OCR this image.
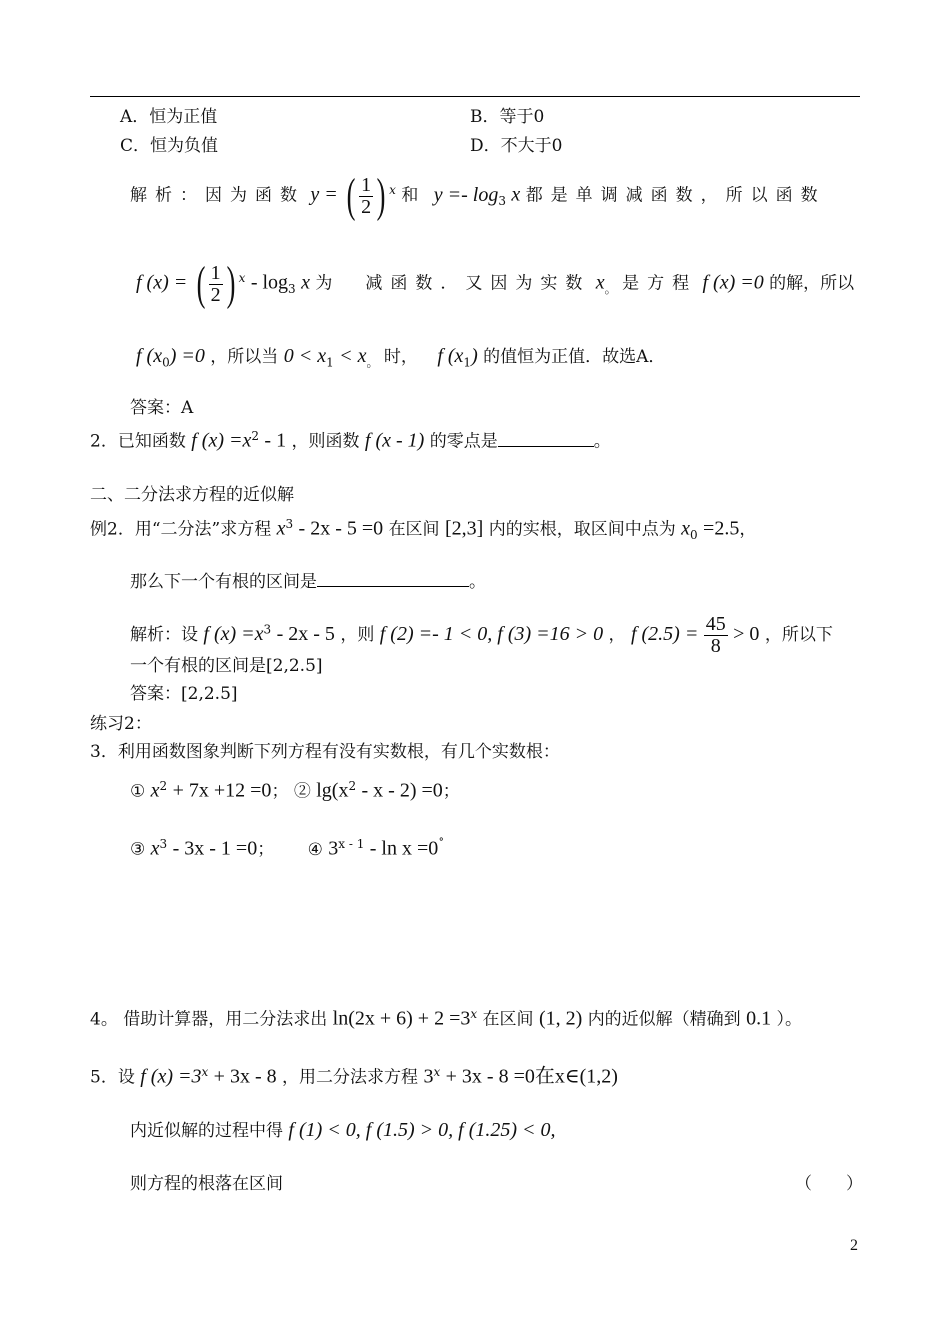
A．恒为正值	B．等于0
C．恒为负值	D．不大于0
解析：因为函数 y = ( $\frac{1}{2}$ ) $^x$ 和 $y =- \log_3 x$ 都是单调减函数，所以函数
f (x) = ( $\frac{1}{2}$ ) $^x - \log_3 x$ 为　减函数．又因为实数 $x_。$ 是方程 f (x) =0 的解，所以
f $(x_0) =0$ ，所以当 $0 < x_1 < x_。$ 时， f $(x_1)$ 的值恒为正值．故选A．
答案：A
2．已知函数 f $(x) =x^2 - 1$ ，则函数 f (x - 1) 的零点是	。
二、二分法求方程的近似解
例2．用“二分法”求方程 $x^3 - 2x - 5 =0$ 在区间 [2,3] 内的实根，取区间中点为 $x_0 =2.5$，
那么下一个有根的区间是	。
解析：设 f $(x) =x^3 - 2x - 5$ ，则 f (2) =- 1 < 0, f (3) =16 > 0 ， f $(2.5) = \frac{45}{8} > 0$ ，所以下
一个有根的区间是[2,2.5]
答案：[2,2.5]
练习2：
3．利用函数图象判断下列方程有没有实数根，有几个实数根：
① $x^2 + 7x +12 =0$； ② $\lg(x^2 - x - 2) =0$；
③ $x^3 - 3x - 1 =0$； ④ 3$^{x - 1}$ - ln x =0˚
4。 借助计算器，用二分法求出 $\ln(2x + 6) + 2 =3^x$ 在区间 (1, 2) 内的近似解（精确到 0.1 ）。
5．设 f $(x) =3^x + 3x - 8$ ，用二分法求方程 $3^x + 3x - 8 =0$在x∈(1,2)
内近似解的过程中得 f (1) < 0, f (1.5) > 0, f (1.25) < 0,
则方程的根落在区间	（　　）
2
